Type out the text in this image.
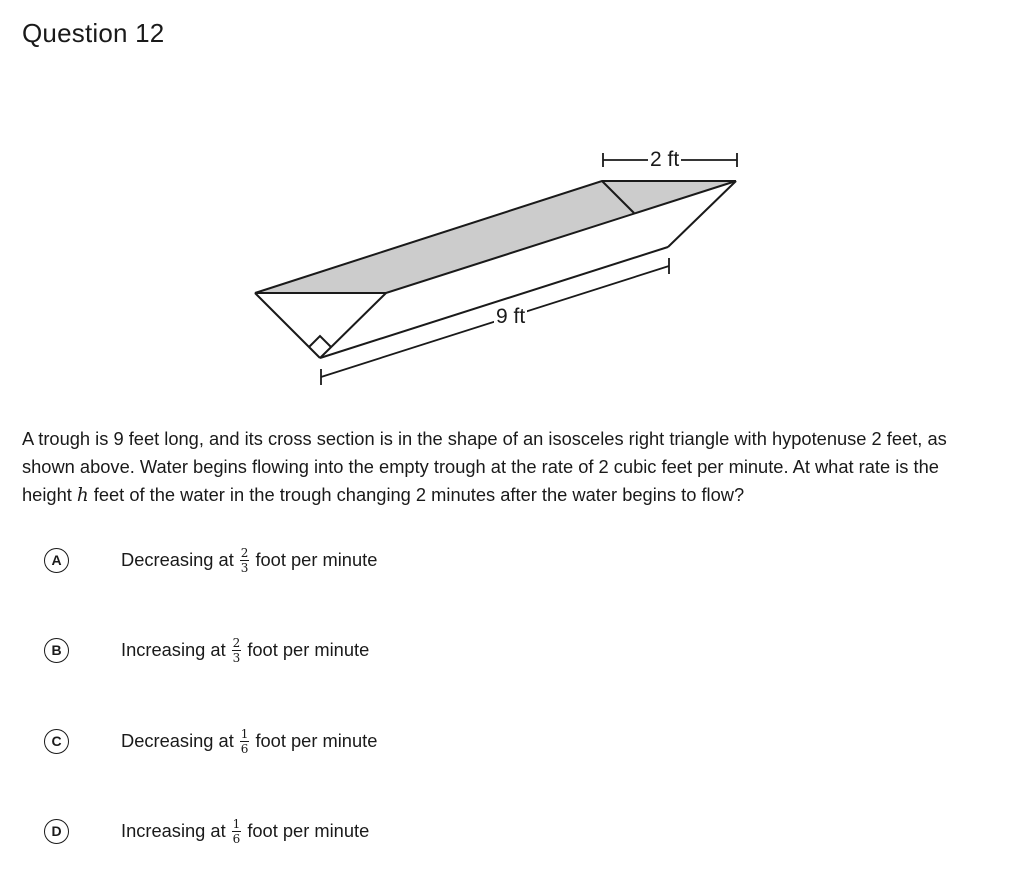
Question 12
2 ft
9 ft
A trough is 9 feet long, and its cross section is in the shape of an isosceles right triangle with hypotenuse 2 feet, as shown above. Water begins flowing into the empty trough at the rate of 2 cubic feet per minute. At what rate is the height h feet of the water in the trough changing 2 minutes after the water begins to flow?
A	Decreasing at $\frac{2}{3}$ foot per minute
B	Increasing at $\frac{2}{3}$ foot per minute
C	Decreasing at $\frac{1}{6}$ foot per minute
D	Increasing at $\frac{1}{6}$ foot per minute
